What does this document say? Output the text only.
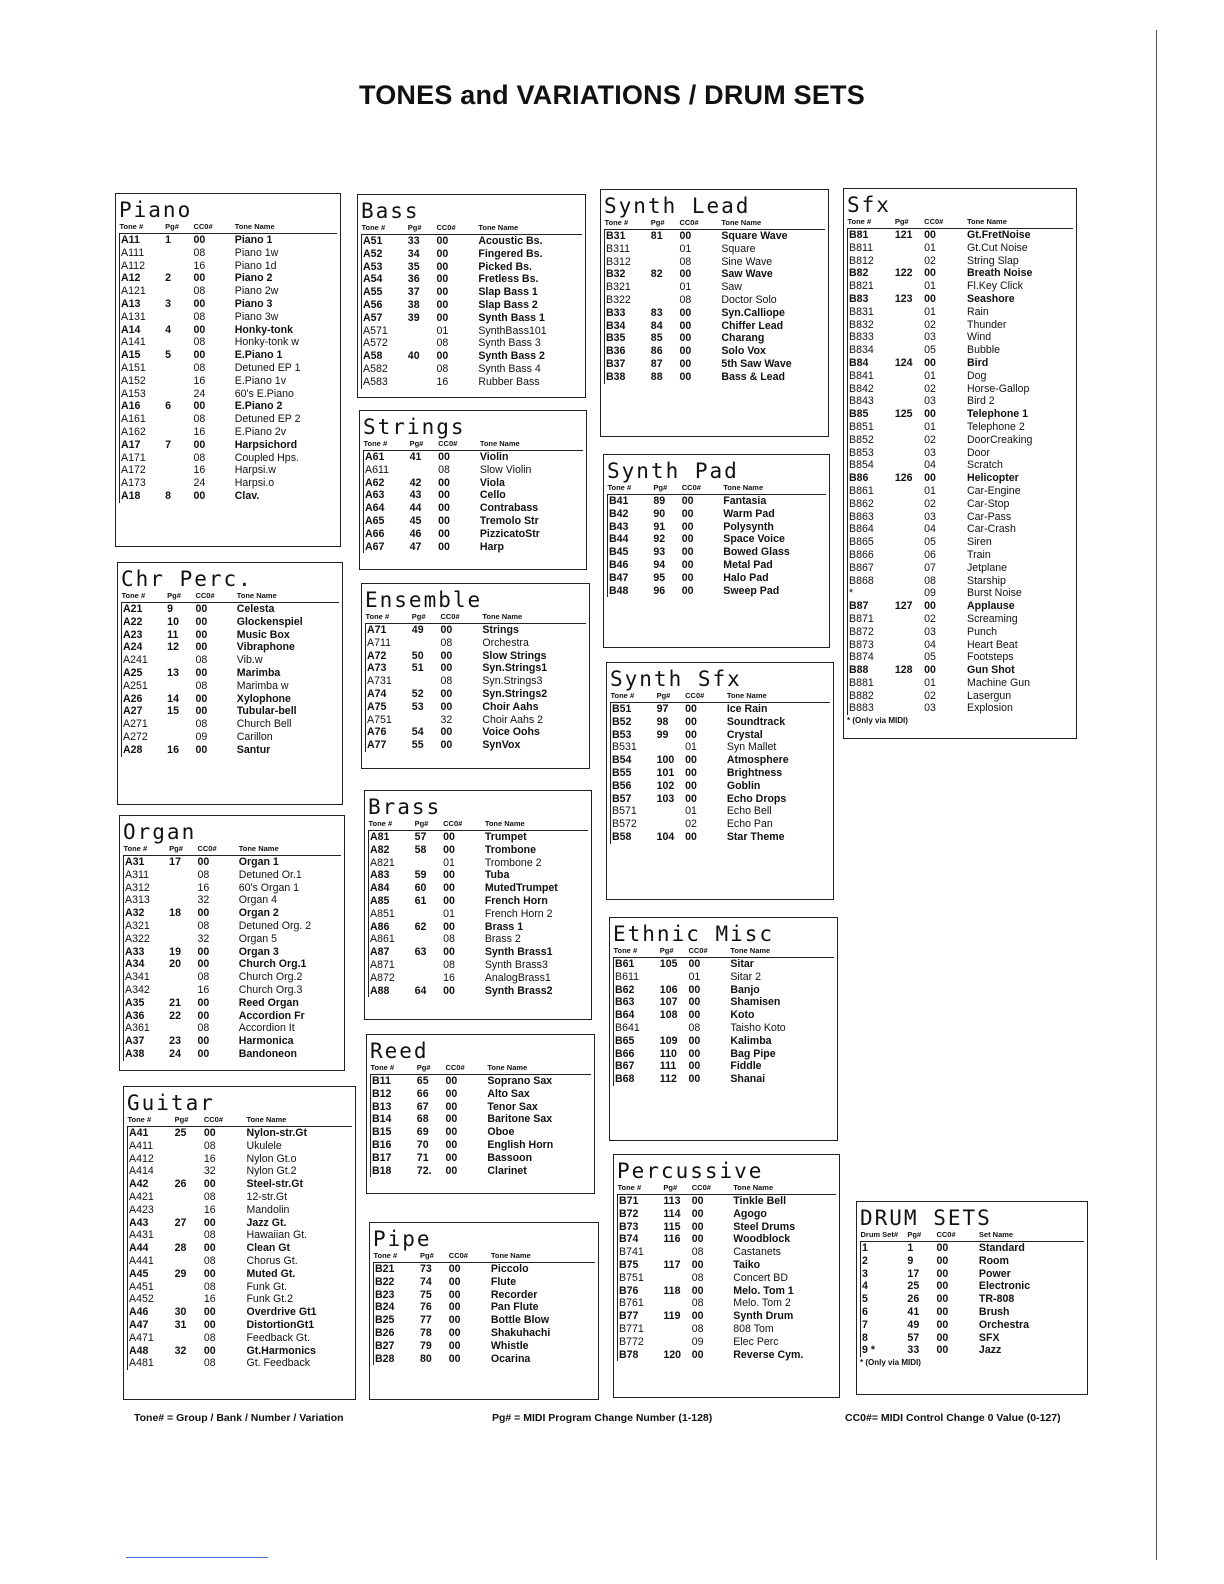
TONES and VARIATIONS / DRUM SETS
Piano
Tone #	Pg#	CC0#	Tone Name
A11	1	00	Piano 1
A111		08	Piano 1w
A112		16	Piano 1d
A12	2	00	Piano 2
A121		08	Piano 2w
A13	3	00	Piano 3
A131		08	Piano 3w
A14	4	00	Honky-tonk
A141		08	Honky-tonk w
A15	5	00	E.Piano 1
A151		08	Detuned EP 1
A152		16	E.Piano 1v
A153		24	60's E.Piano
A16	6	00	E.Piano 2
A161		08	Detuned EP 2
A162		16	E.Piano 2v
A17	7	00	Harpsichord
A171		08	Coupled Hps.
A172		16	Harpsi.w
A173		24	Harpsi.o
A18	8	00	Clav.
Chr Perc.
Tone #	Pg#	CC0#	Tone Name
A21	9	00	Celesta
A22	10	00	Glockenspiel
A23	11	00	Music Box
A24	12	00	Vibraphone
A241		08	Vib.w
A25	13	00	Marimba
A251		08	Marimba w
A26	14	00	Xylophone
A27	15	00	Tubular-bell
A271		08	Church Bell
A272		09	Carillon
A28	16	00	Santur
Organ
Tone #	Pg#	CC0#	Tone Name
A31	17	00	Organ 1
A311		08	Detuned Or.1
A312		16	60's Organ 1
A313		32	Organ 4
A32	18	00	Organ 2
A321		08	Detuned Org. 2
A322		32	Organ 5
A33	19	00	Organ 3
A34	20	00	Church Org.1
A341		08	Church Org.2
A342		16	Church Org.3
A35	21	00	Reed Organ
A36	22	00	Accordion Fr
A361		08	Accordion It
A37	23	00	Harmonica
A38	24	00	Bandoneon
Guitar
Tone #	Pg#	CC0#	Tone Name
A41	25	00	Nylon-str.Gt
A411		08	Ukulele
A412		16	Nylon Gt.o
A414		32	Nylon Gt.2
A42	26	00	Steel-str.Gt
A421		08	12-str.Gt
A423		16	Mandolin
A43	27	00	Jazz Gt.
A431		08	Hawaiian Gt.
A44	28	00	Clean Gt
A441		08	Chorus Gt.
A45	29	00	Muted Gt.
A451		08	Funk Gt.
A452		16	Funk Gt.2
A46	30	00	Overdrive Gt1
A47	31	00	DistortionGt1
A471		08	Feedback Gt.
A48	32	00	Gt.Harmonics
A481		08	Gt. Feedback
Bass
Tone #	Pg#	CC0#	Tone Name
A51	33	00	Acoustic Bs.
A52	34	00	Fingered Bs.
A53	35	00	Picked Bs.
A54	36	00	Fretless Bs.
A55	37	00	Slap Bass 1
A56	38	00	Slap Bass 2
A57	39	00	Synth Bass 1
A571		01	SynthBass101
A572		08	Synth Bass 3
A58	40	00	Synth Bass 2
A582		08	Synth Bass 4
A583		16	Rubber Bass
Strings
Tone #	Pg#	CC0#	Tone Name
A61	41	00	Violin
A611		08	Slow Violin
A62	42	00	Viola
A63	43	00	Cello
A64	44	00	Contrabass
A65	45	00	Tremolo Str
A66	46	00	PizzicatoStr
A67	47	00	Harp
Ensemble
Tone #	Pg#	CC0#	Tone Name
A71	49	00	Strings
A711		08	Orchestra
A72	50	00	Slow Strings
A73	51	00	Syn.Strings1
A731		08	Syn.Strings3
A74	52	00	Syn.Strings2
A75	53	00	Choir Aahs
A751		32	Choir Aahs 2
A76	54	00	Voice Oohs
A77	55	00	SynVox
Brass
Tone #	Pg#	CC0#	Tone Name
A81	57	00	Trumpet
A82	58	00	Trombone
A821		01	Trombone 2
A83	59	00	Tuba
A84	60	00	MutedTrumpet
A85	61	00	French Horn
A851		01	French Horn 2
A86	62	00	Brass 1
A861		08	Brass 2
A87	63	00	Synth Brass1
A871		08	Synth Brass3
A872		16	AnalogBrass1
A88	64	00	Synth Brass2
Reed
Tone #	Pg#	CC0#	Tone Name
B11	65	00	Soprano Sax
B12	66	00	Alto Sax
B13	67	00	Tenor Sax
B14	68	00	Baritone Sax
B15	69	00	Oboe
B16	70	00	English Horn
B17	71	00	Bassoon
B18	72.	00	Clarinet
Pipe
Tone #	Pg#	CC0#	Tone Name
B21	73	00	Piccolo
B22	74	00	Flute
B23	75	00	Recorder
B24	76	00	Pan Flute
B25	77	00	Bottle Blow
B26	78	00	Shakuhachi
B27	79	00	Whistle
B28	80	00	Ocarina
Synth Lead
Tone #	Pg#	CC0#	Tone Name
B31	81	00	Square Wave
B311		01	Square
B312		08	Sine Wave
B32	82	00	Saw Wave
B321		01	Saw
B322		08	Doctor Solo
B33	83	00	Syn.Calliope
B34	84	00	Chiffer Lead
B35	85	00	Charang
B36	86	00	Solo Vox
B37	87	00	5th Saw Wave
B38	88	00	Bass & Lead
Synth Pad
Tone #	Pg#	CC0#	Tone Name
B41	89	00	Fantasia
B42	90	00	Warm Pad
B43	91	00	Polysynth
B44	92	00	Space Voice
B45	93	00	Bowed Glass
B46	94	00	Metal Pad
B47	95	00	Halo Pad
B48	96	00	Sweep Pad
Synth Sfx
Tone #	Pg#	CC0#	Tone Name
B51	97	00	Ice Rain
B52	98	00	Soundtrack
B53	99	00	Crystal
B531		01	Syn Mallet
B54	100	00	Atmosphere
B55	101	00	Brightness
B56	102	00	Goblin
B57	103	00	Echo Drops
B571		01	Echo Bell
B572		02	Echo Pan
B58	104	00	Star Theme
Ethnic Misc
Tone #	Pg#	CC0#	Tone Name
B61	105	00	Sitar
B611		01	Sitar 2
B62	106	00	Banjo
B63	107	00	Shamisen
B64	108	00	Koto
B641		08	Taisho Koto
B65	109	00	Kalimba
B66	110	00	Bag Pipe
B67	111	00	Fiddle
B68	112	00	Shanai
Percussive
Tone #	Pg#	CC0#	Tone Name
B71	113	00	Tinkle Bell
B72	114	00	Agogo
B73	115	00	Steel Drums
B74	116	00	Woodblock
B741		08	Castanets
B75	117	00	Taiko
B751		08	Concert BD
B76	118	00	Melo. Tom 1
B761		08	Melo. Tom 2
B77	119	00	Synth Drum
B771		08	808 Tom
B772		09	Elec Perc
B78	120	00	Reverse Cym.
Sfx
Tone #	Pg#	CC0#	Tone Name
B81	121	00	Gt.FretNoise
B811		01	Gt.Cut Noise
B812		02	String Slap
B82	122	00	Breath Noise
B821		01	Fl.Key Click
B83	123	00	Seashore
B831		01	Rain
B832		02	Thunder
B833		03	Wind
B834		05	Bubble
B84	124	00	Bird
B841		01	Dog
B842		02	Horse-Gallop
B843		03	Bird 2
B85	125	00	Telephone 1
B851		01	Telephone 2
B852		02	DoorCreaking
B853		03	Door
B854		04	Scratch
B86	126	00	Helicopter
B861		01	Car-Engine
B862		02	Car-Stop
B863		03	Car-Pass
B864		04	Car-Crash
B865		05	Siren
B866		06	Train
B867		07	Jetplane
B868		08	Starship
*		09	Burst Noise
B87	127	00	Applause
B871		02	Screaming
B872		03	Punch
B873		04	Heart Beat
B874		05	Footsteps
B88	128	00	Gun Shot
B881		01	Machine Gun
B882		02	Lasergun
B883		03	Explosion
* (Only via MIDI)
DRUM SETS
Drum Set#	Pg#	CC0#	Set Name
1	1	00	Standard
2	9	00	Room
3	17	00	Power
4	25	00	Electronic
5	26	00	TR-808
6	41	00	Brush
7	49	00	Orchestra
8	57	00	SFX
9 *	33	00	Jazz
* (Only via MIDI)
Tone# = Group / Bank / Number / Variation	Pg# = MIDI Program Change Number (1-128)	CC0#= MIDI Control Change 0 Value (0-127)
